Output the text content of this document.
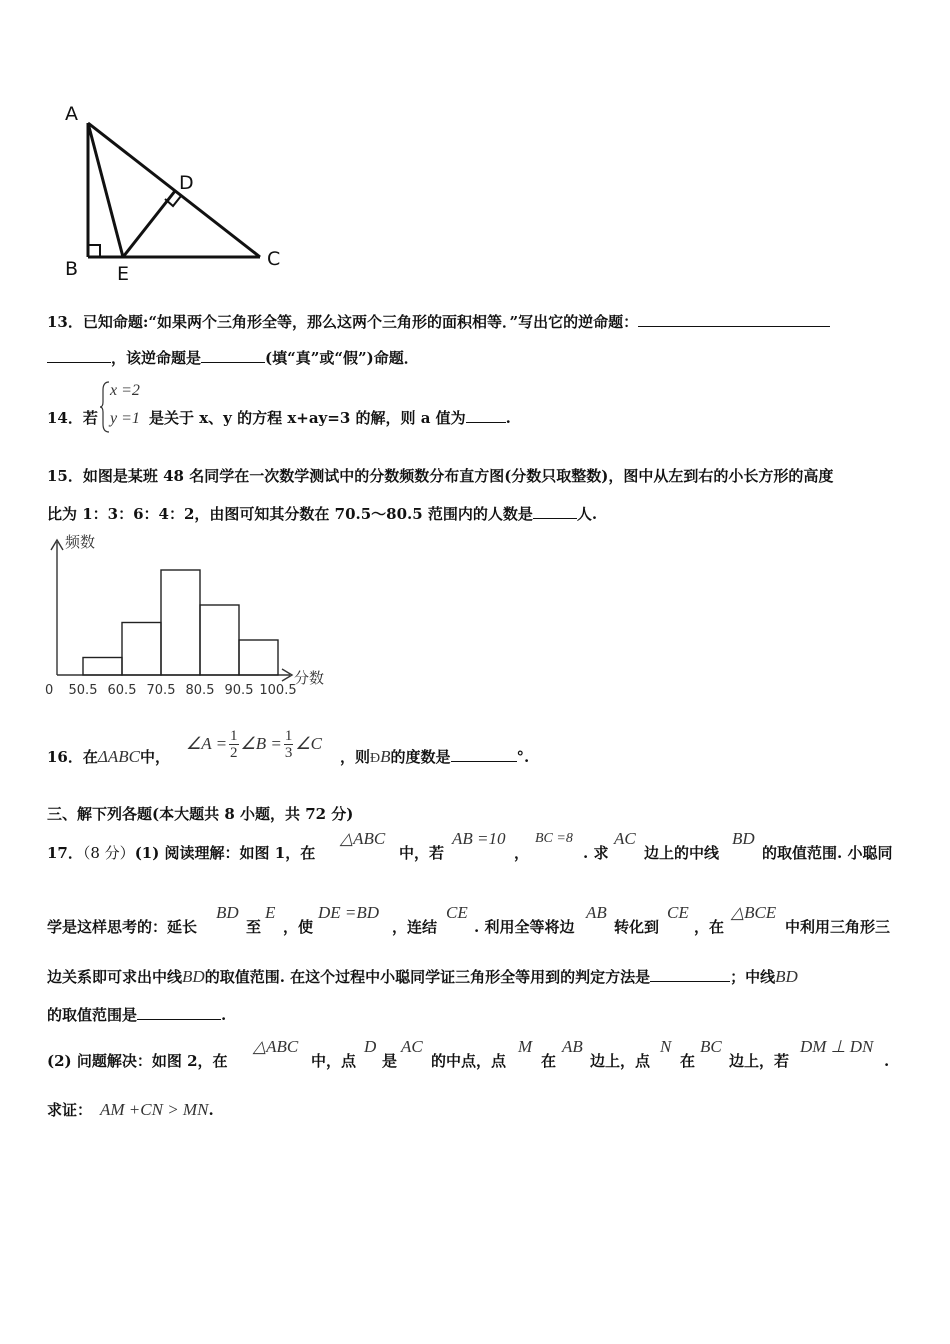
A
B	C
D
E
13．已知命题:“如果两个三角形全等，那么这两个三角形的面积相等．”写出它的逆命题：
，该逆命题是	(填“真”或“假”)命题．
14．若
x =2
y =1 是关于 x、y 的方程 x+ay=3 的解，则 a 值为	.
15．如图是某班 48 名同学在一次数学测试中的分数频数分布直方图(分数只取整数)，图中从左到右的小长方形的高度
比为 1：3：6：4：2，由图可知其分数在 70.5～80.5 范围内的人数是	人.
50.5 60.5 70.5 80.5 90.5 100.5
频数
分数
0
16．在ΔABC中，
∠A = $\frac{1}{2}$ ∠B = $\frac{1}{3}$ ∠C
，则ÐB的度数是	°.
三、解下列各题(本大题共 8 小题，共 72 分)
17．（8 分）(1) 阅读理解：如图 1，在
△ABC
中，若
AB =10
，
BC =8
. 求
AC
边上的中线
BD
的取值范围. 小聪同
学是这样思考的：延长
BD
至
E
，使
DE =BD
，连结
CE
. 利用全等将边
AB
转化到
CE
，在
△BCE
中利用三角形三
边关系即可求出中线BD的取值范围. 在这个过程中小聪同学证三角形全等用到的判定方法是	；中线BD
的取值范围是	.
(2) 问题解决：如图 2，在
△ABC
中，点
D
是
AC
的中点，点
M
在
AB
边上，点
N
在
BC
边上，若
DM ⊥ DN
.
求证： AM +CN > MN.
